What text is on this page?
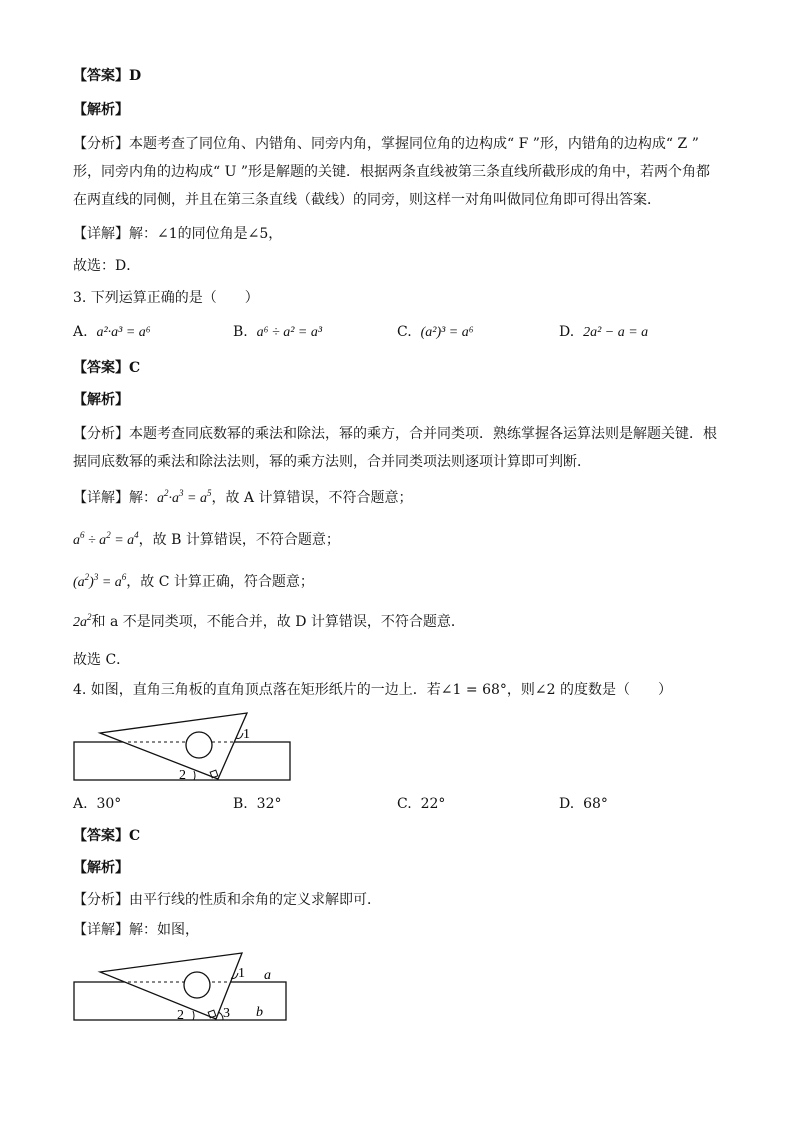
【答案】D
【解析】
【分析】本题考查了同位角、内错角、同旁内角，掌握同位角的边构成“ F ”形，内错角的边构成“ Z ”
形，同旁内角的边构成“ U ”形是解题的关键．根据两条直线被第三条直线所截形成的角中，若两个角都
在两直线的同侧，并且在第三条直线（截线）的同旁，则这样一对角叫做同位角即可得出答案．
【详解】解：∠1的同位角是∠5，
故选：D．
3. 下列运算正确的是（　　）
A. a²·a³ = a⁶	B. a⁶ ÷ a² = a³	C. (a²)³ = a⁶	D. 2a² − a = a
【答案】C
【解析】
【分析】本题考查同底数幂的乘法和除法，幂的乘方，合并同类项．熟练掌握各运算法则是解题关键．根
据同底数幂的乘法和除法法则，幂的乘方法则，合并同类项法则逐项计算即可判断．
【详解】解：$a^2\cdot a^3 = a^5$，故 A 计算错误，不符合题意；
$a^6 \div a^2 = a^4$，故 B 计算错误，不符合题意；
$(a^2)^3 = a^6$，故 C 计算正确，符合题意；
$2a^2$和 a 不是同类项，不能合并，故 D 计算错误，不符合题意．
故选 C．
4. 如图，直角三角板的直角顶点落在矩形纸片的一边上．若∠1 = 68°，则∠2 的度数是（　　）
1
2
A. 30°	B. 32°	C. 22°	D. 68°
【答案】C
【解析】
【分析】由平行线的性质和余角的定义求解即可．
【详解】解：如图，
1
2	3
a
b
